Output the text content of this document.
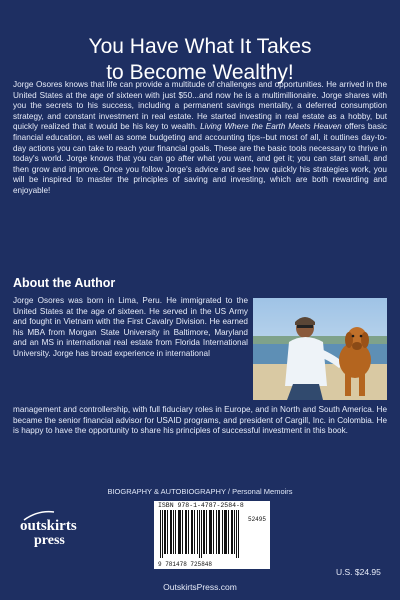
You Have What It Takes
to Become Wealthy!

Jorge Osores knows that life can provide a multitude of challenges and opportunities. He arrived in the United States at the age of sixteen with just $50...and now he is a multimillionaire. Jorge shares with you the secrets to his success, including a permanent savings mentality, a deferred consumption strategy, and constant investment in real estate. He started investing in real estate as a hobby, but quickly realized that it would be his key to wealth. Living Where the Earth Meets Heaven offers basic financial education, as well as some budgeting and accounting tips--but most of all, it outlines day-to-day actions you can take to reach your financial goals. These are the basic tools necessary to thrive in today's world. Jorge knows that you can go after what you want, and get it; you can start small, and then grow and improve. Once you follow Jorge's advice and see how quickly his strategies work, you will be inspired to master the principles of saving and investing, which are both rewarding and enjoyable!

About the Author

Jorge Osores was born in Lima, Peru. He immigrated to the United States at the age of sixteen. He served in the US Army and fought in Vietnam with the First Cavalry Division. He earned his MBA from Morgan State University in Baltimore, Maryland and an MS in international real estate from Florida International University. Jorge has broad experience in international

management and controllership, with full fiduciary roles in Europe, and in North and South America. He became the senior financial advisor for USAID programs, and president of Cargill, Inc. in Colombia. He is happy to have the opportunity to share his principles of successful investment in this book.

BIOGRAPHY & AUTOBIOGRAPHY / Personal Memoirs
ISBN 978-1-4787-2584-8
52495
9 781478 725848
outskirts
press
U.S. $24.95
OutskirtsPress.com
